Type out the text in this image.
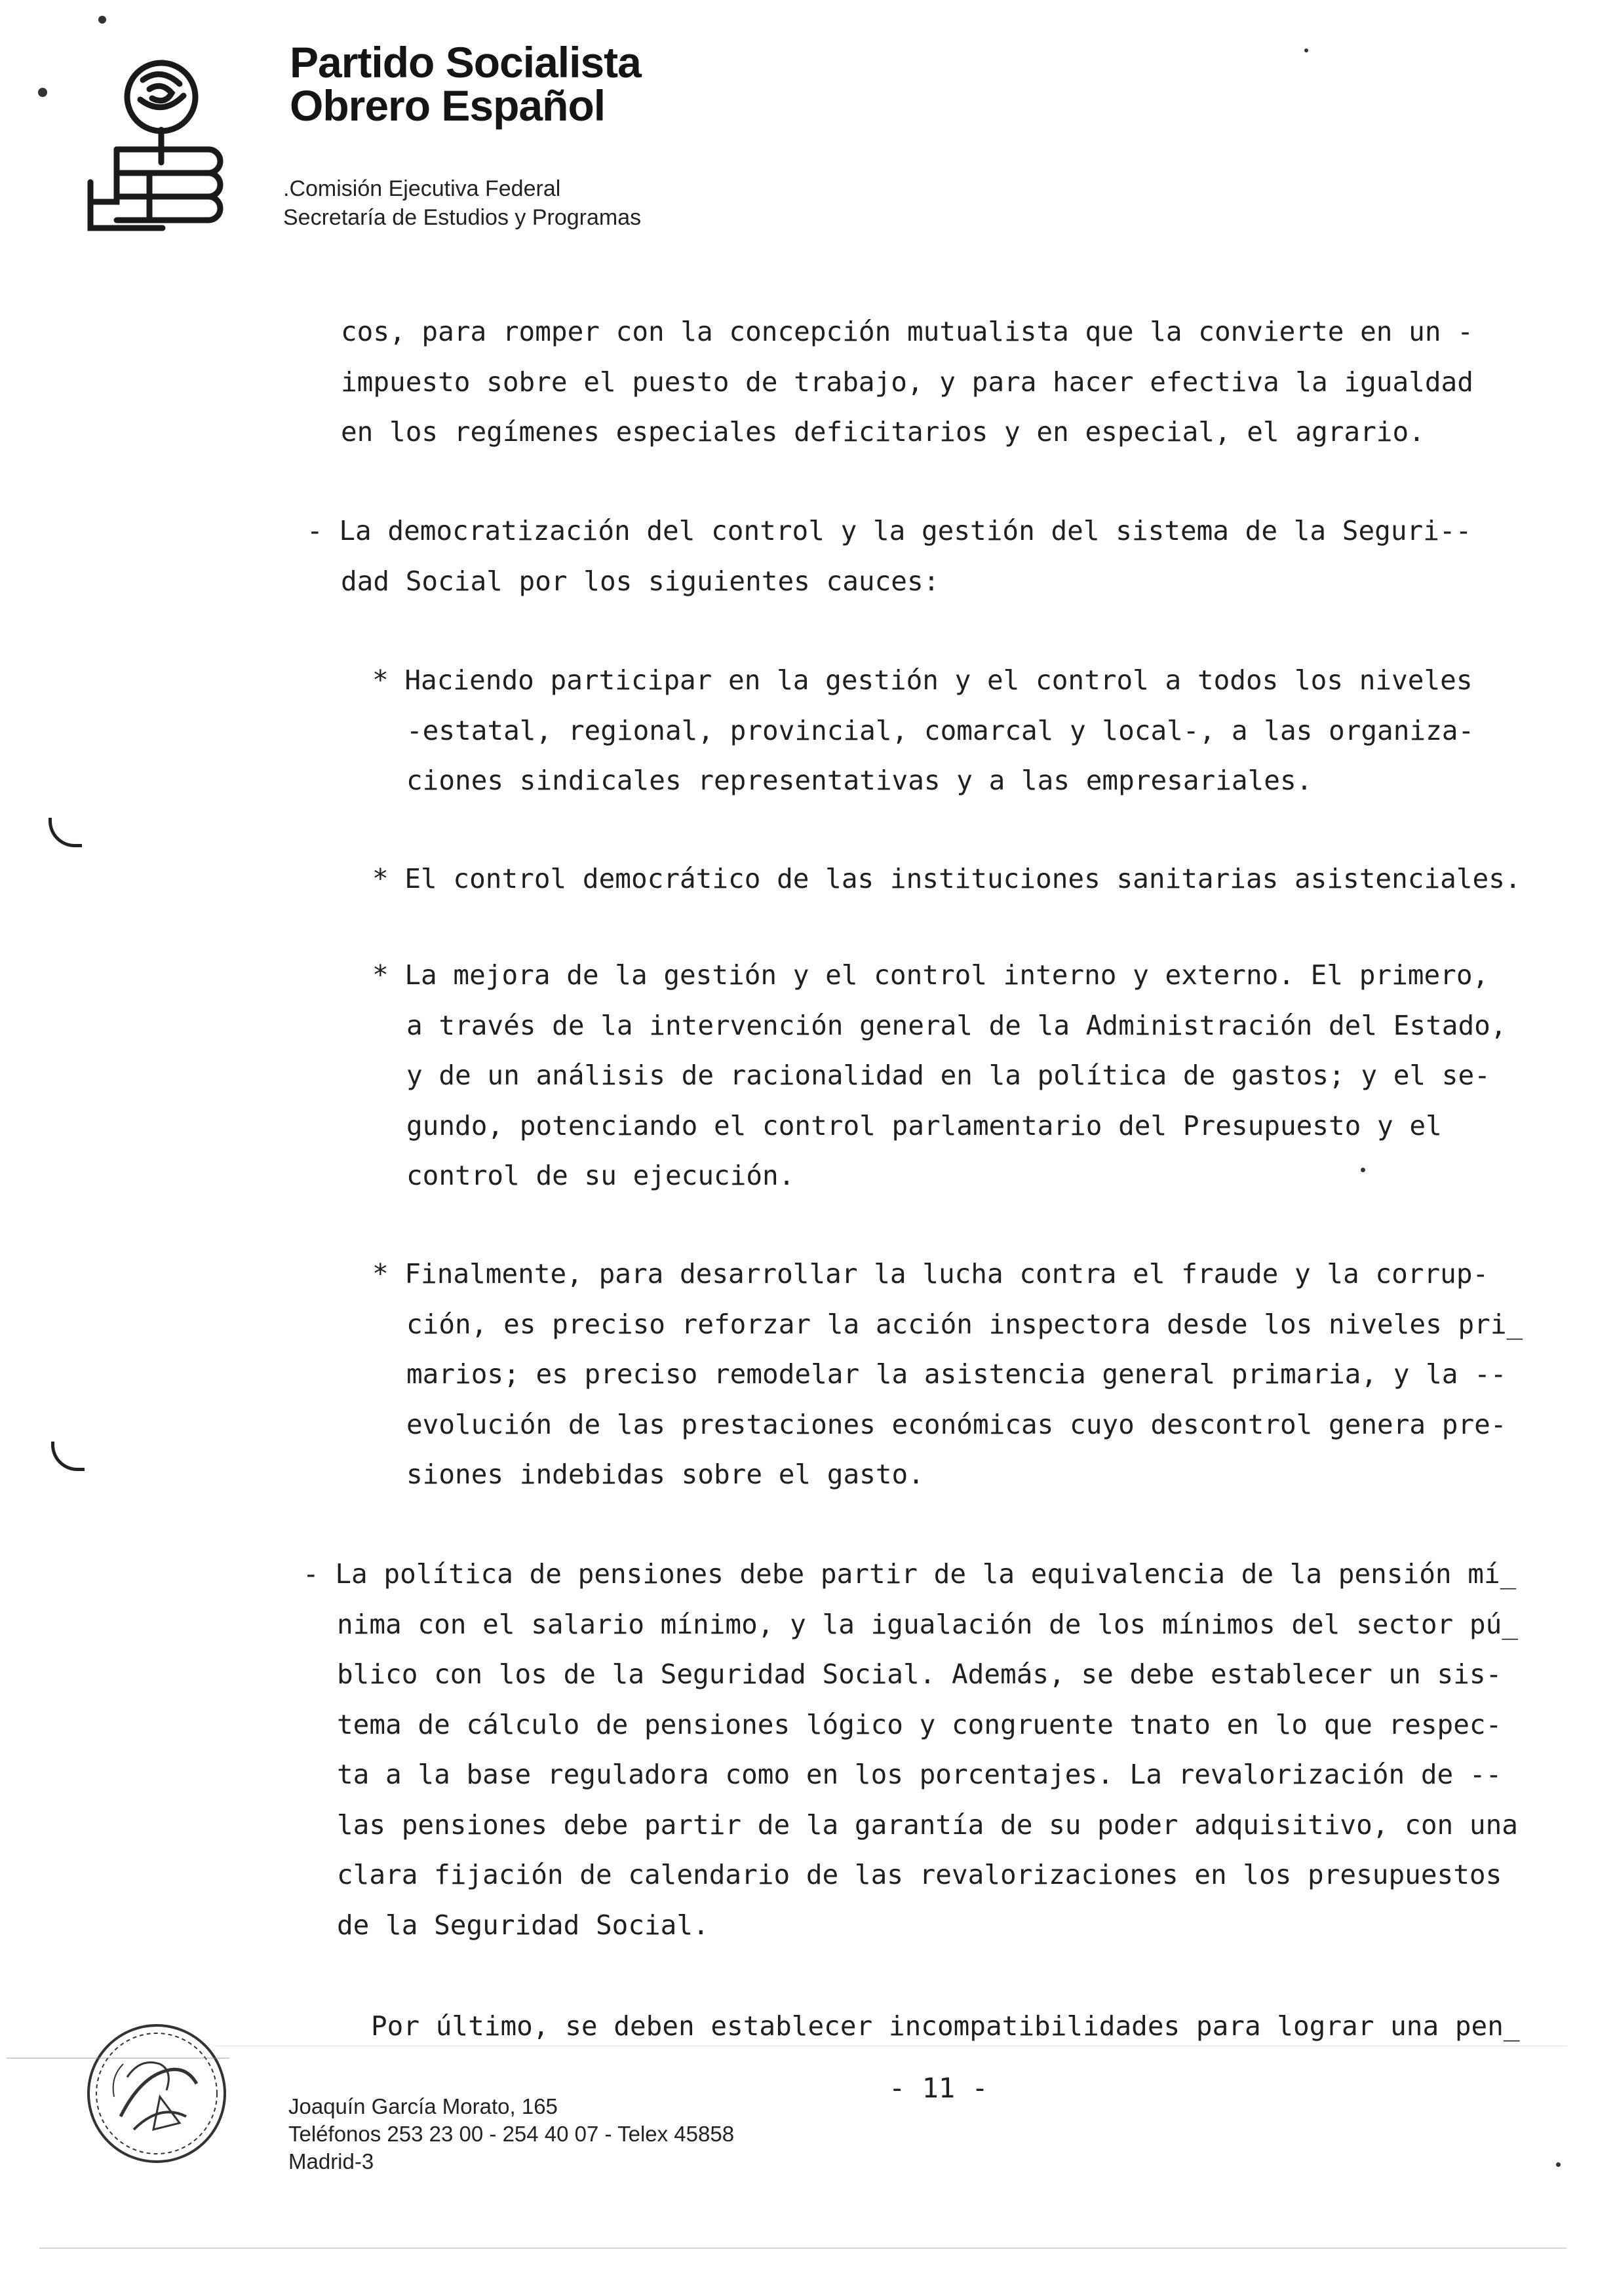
Partido Socialista
Obrero Español
.Comisión Ejecutiva Federal
Secretaría de Estudios y Programas
cos, para romper con la concepción mutualista que la convierte en un -
impuesto sobre el puesto de trabajo, y para hacer efectiva la igualdad
en los regímenes especiales deficitarios y en especial, el agrario.
- La democratización del control y la gestión del sistema de la Seguri--
dad Social por los siguientes cauces:
* Haciendo participar en la gestión y el control a todos los niveles
-estatal, regional, provincial, comarcal y local-, a las organiza-
ciones sindicales representativas y a las empresariales.
* El control democrático de las instituciones sanitarias asistenciales.
* La mejora de la gestión y el control interno y externo. El primero,
a través de la intervención general de la Administración del Estado,
y de un análisis de racionalidad en la política de gastos; y el se-
gundo, potenciando el control parlamentario del Presupuesto y el
control de su ejecución.
* Finalmente, para desarrollar la lucha contra el fraude y la corrup-
ción, es preciso reforzar la acción inspectora desde los niveles pri_
marios; es preciso remodelar la asistencia general primaria, y la --
evolución de las prestaciones económicas cuyo descontrol genera pre-
siones indebidas sobre el gasto.
- La política de pensiones debe partir de la equivalencia de la pensión mí_
nima con el salario mínimo, y la igualación de los mínimos del sector pú_
blico con los de la Seguridad Social. Además, se debe establecer un sis-
tema de cálculo de pensiones lógico y congruente tnato en lo que respec-
ta a la base reguladora como en los porcentajes. La revalorización de --
las pensiones debe partir de la garantía de su poder adquisitivo, con una
clara fijación de calendario de las revalorizaciones en los presupuestos
de la Seguridad Social.
Por último, se deben establecer incompatibilidades para lograr una pen_
- 11 -
Joaquín García Morato, 165
Teléfonos 253 23 00 - 254 40 07 - Telex 45858
Madrid-3
